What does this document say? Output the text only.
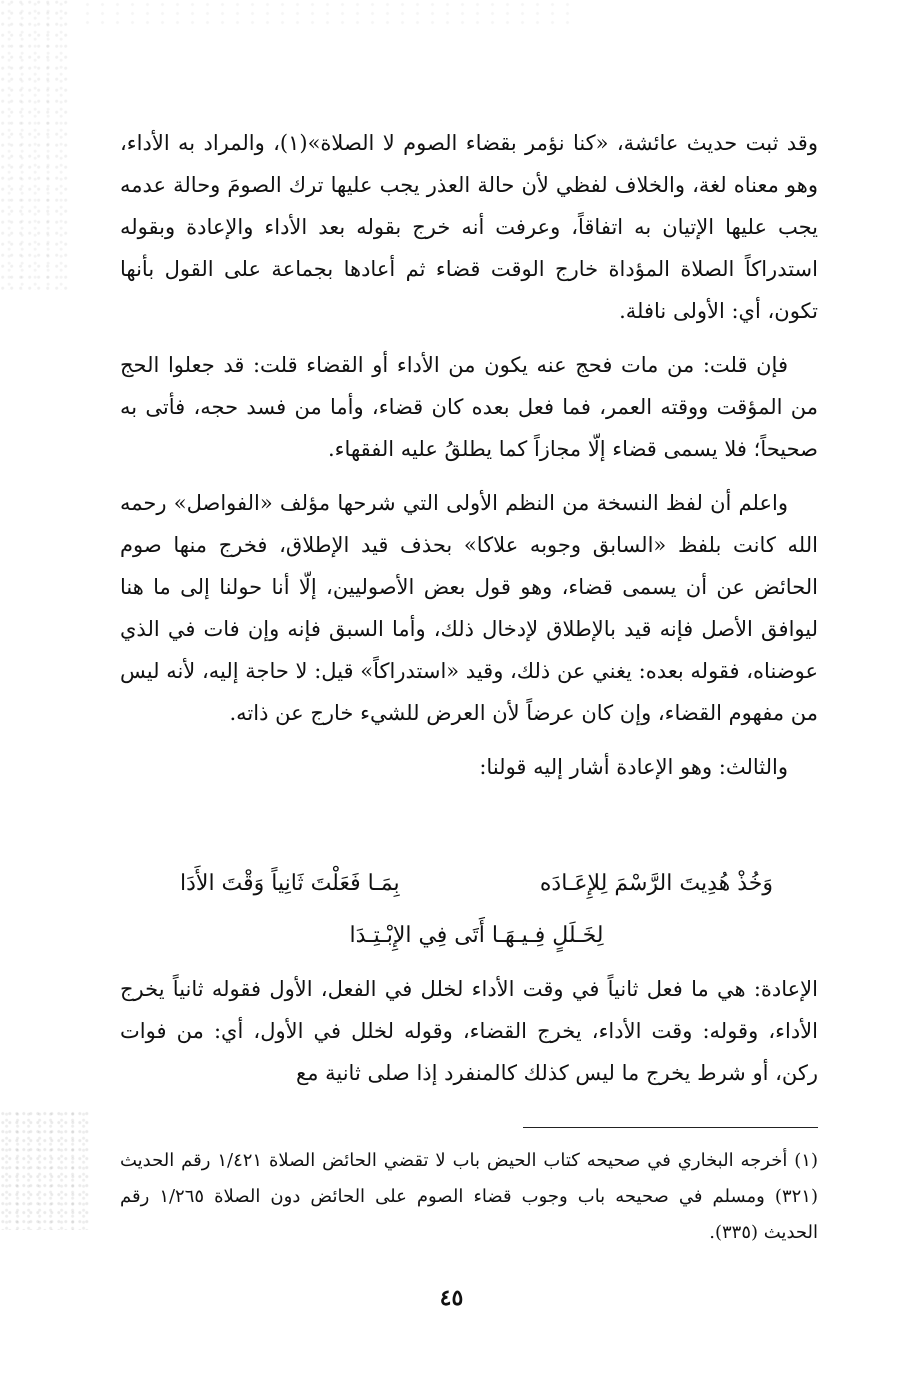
وقد ثبت حديث عائشة، «كنا نؤمر بقضاء الصوم لا الصلاة»(١)، والمراد به الأداء، وهو معناه لغة، والخلاف لفظي لأن حالة العذر يجب عليها ترك الصومَ وحالة عدمه يجب عليها الإتيان به اتفاقاً، وعرفت أنه خرج بقوله بعد الأداء والإعادة وبقوله استدراكاً الصلاة المؤداة خارج الوقت قضاء ثم أعادها بجماعة على القول بأنها تكون، أي: الأولى نافلة.

فإن قلت: من مات فحج عنه يكون من الأداء أو القضاء قلت: قد جعلوا الحج من المؤقت ووقته العمر، فما فعل بعده كان قضاء، وأما من فسد حجه، فأتى به صحيحاً؛ فلا يسمى قضاء إلّا مجازاً كما يطلقُ عليه الفقهاء.

واعلم أن لفظ النسخة من النظم الأولى التي شرحها مؤلف «الفواصل» رحمه الله كانت بلفظ «السابق وجوبه علاكا» بحذف قيد الإطلاق، فخرج منها صوم الحائض عن أن يسمى قضاء، وهو قول بعض الأصوليين، إلّا أنا حولنا إلى ما هنا ليوافق الأصل فإنه قيد بالإطلاق لإدخال ذلك، وأما السبق فإنه وإن فات في الذي عوضناه، فقوله بعده: يغني عن ذلك، وقيد «استدراكاً» قيل: لا حاجة إليه، لأنه ليس من مفهوم القضاء، وإن كان عرضاً لأن العرض للشيء خارج عن ذاته.

والثالث: وهو الإعادة أشار إليه قولنا:

وَخُذْ هُدِيتَ الرَّسْمَ لِلإِعَـادَه
بِمَـا فَعَلْتَ ثَانِياً وَقْتَ الأَدَا
لِخَـلَلٍ فِـيـهَـا أَتَى فِي الإِبْـتِـدَا

الإعادة: هي ما فعل ثانياً في وقت الأداء لخلل في الفعل، الأول فقوله ثانياً يخرج الأداء، وقوله: وقت الأداء، يخرج القضاء، وقوله لخلل في الأول، أي: من فوات ركن، أو شرط يخرج ما ليس كذلك كالمنفرد إذا صلى ثانية مع

(١) أخرجه البخاري في صحيحه كتاب الحيض باب لا تقضي الحائض الصلاة ١/٤٢١ رقم الحديث (٣٢١) ومسلم في صحيحه باب وجوب قضاء الصوم على الحائض دون الصلاة ١/٢٦٥ رقم الحديث (٣٣٥).

٤٥
